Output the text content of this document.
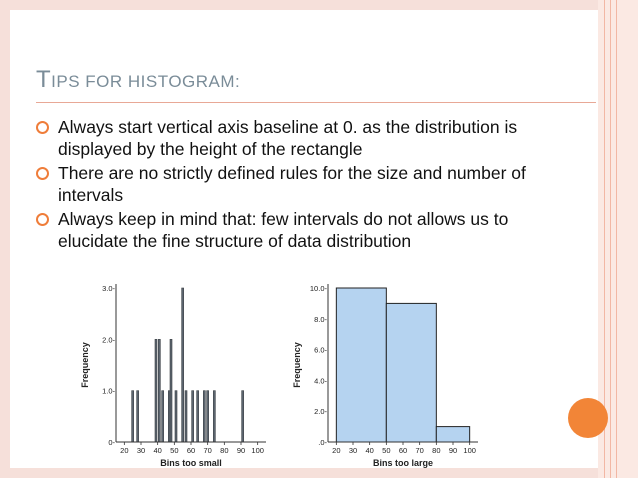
TIPS FOR HISTOGRAM:
Always start vertical axis baseline at 0. as the distribution is displayed by the height of the rectangle
There are no strictly defined rules for the size and number of intervals
Always keep in mind that: few intervals do not allows us to elucidate the fine structure of data distribution
0-
1.0-
2.0-
3.0-
20 30 40 50 60 70 80 90 100
Bins too small
Frequency
.0-
2.0-
4.0-
6.0-
8.0-
10.0-
20 30 40 50 60 70 80 90 100
Bins too large
Frequency
